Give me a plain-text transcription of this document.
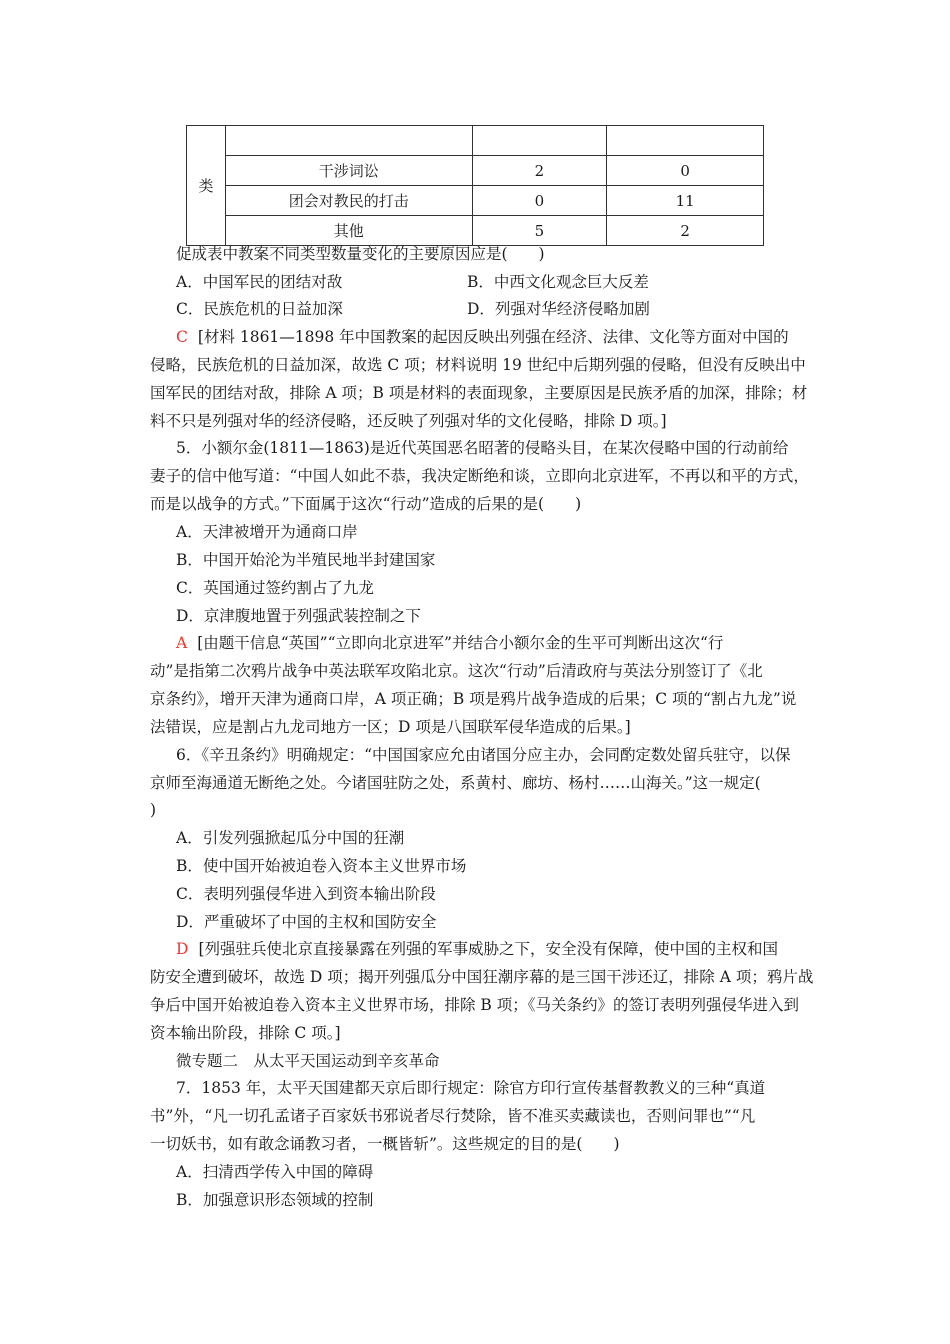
类			
	干涉词讼	2	0
	团会对教民的打击	0	11
	其他	5	2
促成表中教案不同类型数量变化的主要原因应是(　　)
A．中国军民的团结对敌	B．中西文化观念巨大反差
C．民族危机的日益加深	D．列强对华经济侵略加剧
C [材料 1861—1898 年中国教案的起因反映出列强在经济、法律、文化等方面对中国的
侵略，民族危机的日益加深，故选 C 项；材料说明 19 世纪中后期列强的侵略，但没有反映出中
国军民的团结对敌，排除 A 项；B 项是材料的表面现象，主要原因是民族矛盾的加深，排除；材
料不只是列强对华的经济侵略，还反映了列强对华的文化侵略，排除 D 项。]
5．小额尔金(1811—1863)是近代英国恶名昭著的侵略头目，在某次侵略中国的行动前给
妻子的信中他写道：“中国人如此不恭，我决定断绝和谈，立即向北京进军，不再以和平的方式，
而是以战争的方式。”下面属于这次“行动”造成的后果的是(　　)
A．天津被增开为通商口岸
B．中国开始沦为半殖民地半封建国家
C．英国通过签约割占了九龙
D．京津腹地置于列强武装控制之下
A [由题干信息“英国”“立即向北京进军”并结合小额尔金的生平可判断出这次“行
动”是指第二次鸦片战争中英法联军攻陷北京。这次“行动”后清政府与英法分别签订了《北
京条约》，增开天津为通商口岸，A 项正确；B 项是鸦片战争造成的后果；C 项的“割占九龙”说
法错误，应是割占九龙司地方一区；D 项是八国联军侵华造成的后果。]
6．《辛丑条约》明确规定：“中国国家应允由诸国分应主办，会同酌定数处留兵驻守，以保
京师至海通道无断绝之处。今诸国驻防之处，系黄村、廊坊、杨村……山海关。”这一规定(
)
A．引发列强掀起瓜分中国的狂潮
B．使中国开始被迫卷入资本主义世界市场
C．表明列强侵华进入到资本输出阶段
D．严重破坏了中国的主权和国防安全
D [列强驻兵使北京直接暴露在列强的军事威胁之下，安全没有保障，使中国的主权和国
防安全遭到破坏，故选 D 项；揭开列强瓜分中国狂潮序幕的是三国干涉还辽，排除 A 项；鸦片战
争后中国开始被迫卷入资本主义世界市场，排除 B 项；《马关条约》的签订表明列强侵华进入到
资本输出阶段，排除 C 项。]
微专题二　从太平天国运动到辛亥革命
7．1853 年，太平天国建都天京后即行规定：除官方印行宣传基督教教义的三种“真道
书”外，“凡一切孔孟诸子百家妖书邪说者尽行焚除，皆不准买卖藏读也，否则问罪也”“凡
一切妖书，如有敢念诵教习者，一概皆斩”。这些规定的目的是(　　)
A．扫清西学传入中国的障碍
B．加强意识形态领域的控制
